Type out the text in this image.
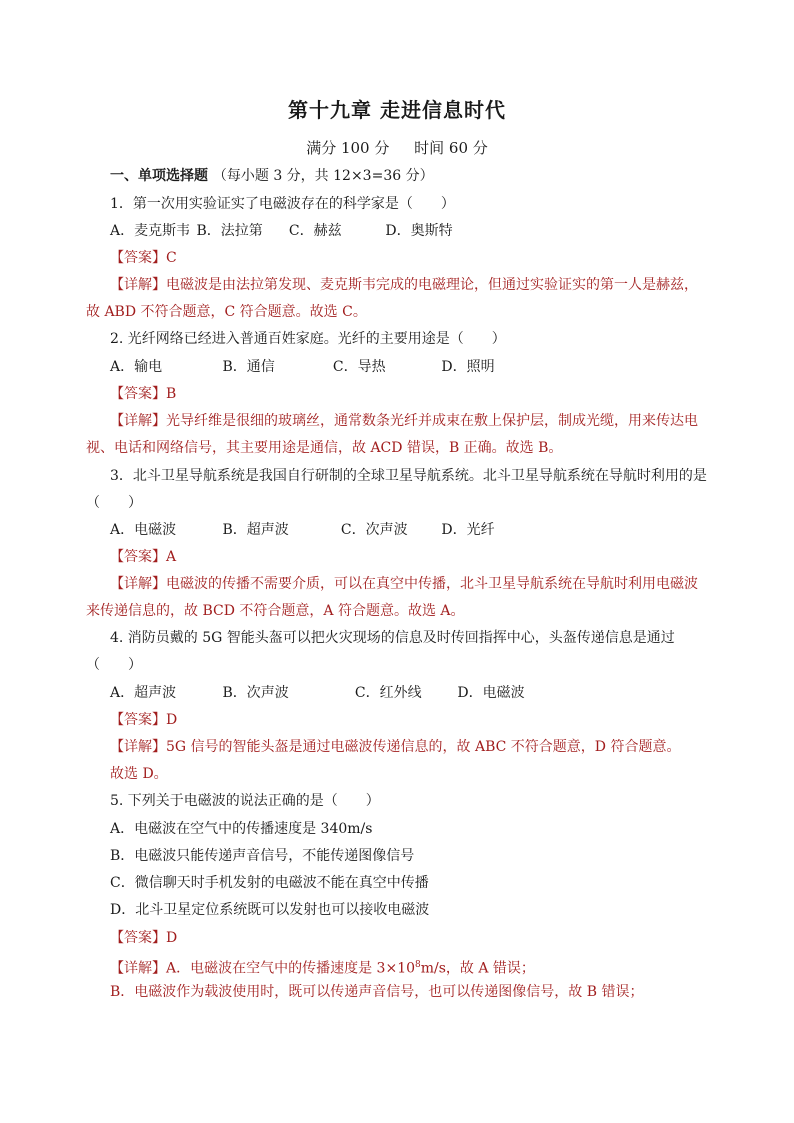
第十九章 走进信息时代
满分 100 分 时间 60 分
一、单项选择题 （每小题 3 分，共 12×3=36 分）
1．第一次用实验证实了电磁波存在的科学家是（　　）
A．麦克斯韦 B．法拉第 C．赫兹	D．奥斯特
【答案】C
【详解】电磁波是由法拉第发现、麦克斯韦完成的电磁理论，但通过实验证实的第一人是赫兹，
故 ABD 不符合题意，C 符合题意。故选 C。
2. 光纤网络已经进入普通百姓家庭。光纤的主要用途是（　　）
A．输电	B．通信	C．导热	D．照明
【答案】B
【详解】光导纤维是很细的玻璃丝，通常数条光纤并成束在敷上保护层，制成光缆，用来传达电
视、电话和网络信号，其主要用途是通信，故 ACD 错误，B 正确。故选 B。
3．北斗卫星导航系统是我国自行研制的全球卫星导航系统。北斗卫星导航系统在导航时利用的是
（　　）
A．电磁波	B．超声波	C．次声波 D．光纤
【答案】A
【详解】电磁波的传播不需要介质，可以在真空中传播，北斗卫星导航系统在导航时利用电磁波
来传递信息的，故 BCD 不符合题意，A 符合题意。故选 A。
4. 消防员戴的 5G 智能头盔可以把火灾现场的信息及时传回指挥中心，头盔传递信息是通过
（　　）
A．超声波	B．次声波	C．红外线	D．电磁波
【答案】D
【详解】5G 信号的智能头盔是通过电磁波传递信息的，故 ABC 不符合题意，D 符合题意。
故选 D。
5. 下列关于电磁波的说法正确的是（　　）
A．电磁波在空气中的传播速度是 340m/s
B．电磁波只能传递声音信号，不能传递图像信号
C．微信聊天时手机发射的电磁波不能在真空中传播
D．北斗卫星定位系统既可以发射也可以接收电磁波
【答案】D
【详解】A．电磁波在空气中的传播速度是 $3\times 10^8m/s$，故 A 错误；
B．电磁波作为载波使用时，既可以传递声音信号，也可以传递图像信号，故 B 错误；
